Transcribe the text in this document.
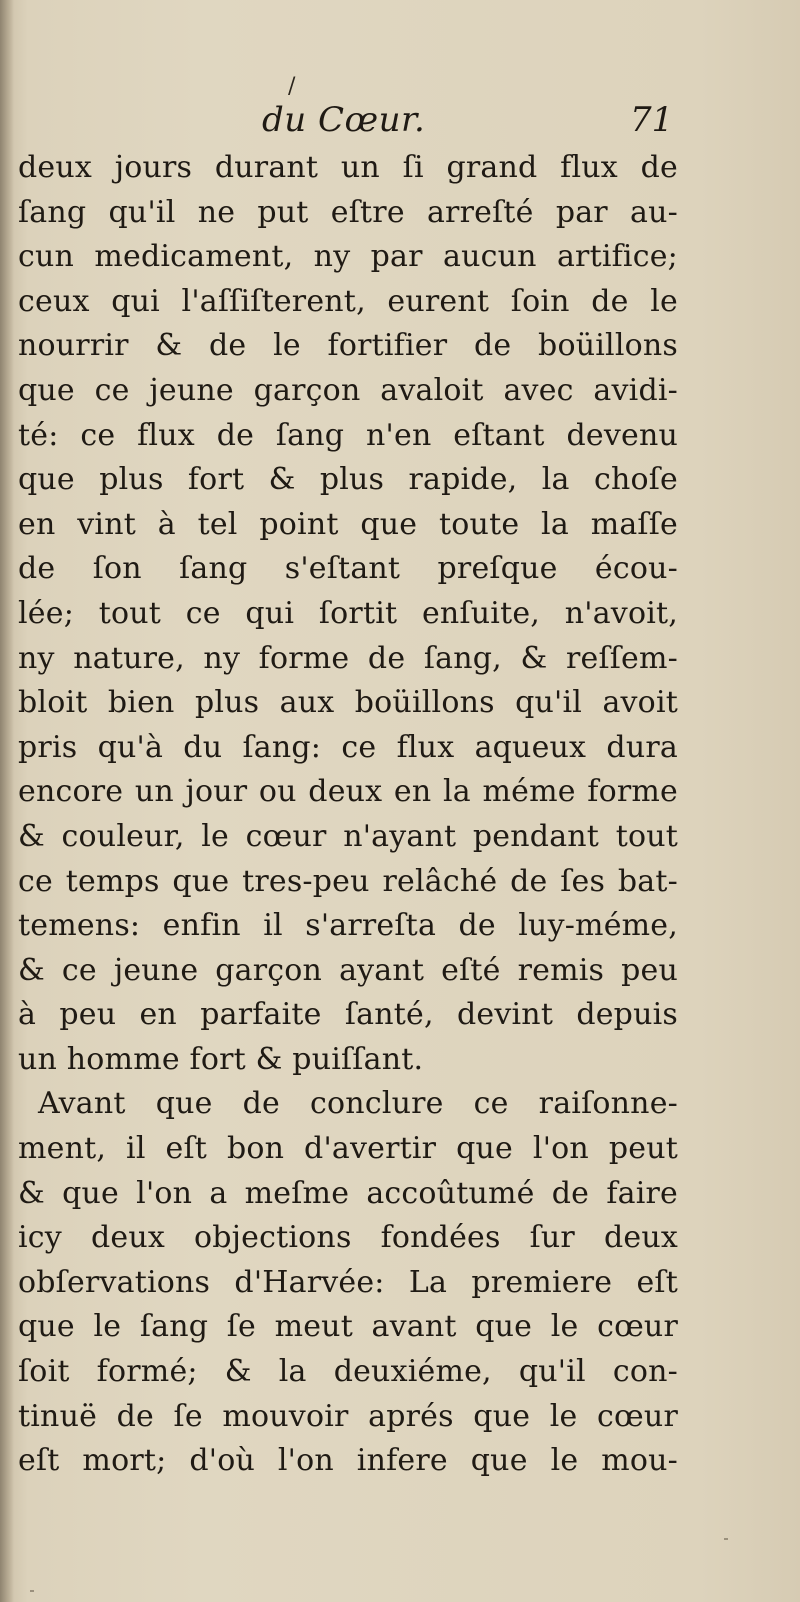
/
du Cœur.	71
deux jours durant un ſi grand flux de
ſang qu'il ne put eſtre arreſté par au-
cun medicament, ny par aucun artifice;
ceux qui l'aſſiſterent, eurent ſoin de le
nourrir & de le fortifier de boüillons
que ce jeune garçon avaloit avec avidi-
té: ce flux de ſang n'en eſtant devenu
que plus fort & plus rapide, la choſe
en vint à tel point que toute la maſſe
de ſon ſang s'eſtant preſque écou-
lée; tout ce qui ſortit enſuite, n'avoit,
ny nature, ny forme de ſang, & reſſem-
bloit bien plus aux boüillons qu'il avoit
pris qu'à du ſang: ce flux aqueux dura
encore un jour ou deux en la méme forme
& couleur, le cœur n'ayant pendant tout
ce temps que tres-peu relâché de ſes bat-
temens: enfin il s'arreſta de luy-méme,
& ce jeune garçon ayant eſté remis peu
à peu en parfaite ſanté, devint depuis
un homme fort & puiſſant.
Avant que de conclure ce raiſonne-
ment, il eſt bon d'avertir que l'on peut
& que l'on a meſme accoûtumé de faire
icy deux objections fondées ſur deux
obſervations d'Harvée: La premiere eſt
que le ſang ſe meut avant que le cœur
ſoit formé; & la deuxiéme, qu'il con-
tinuë de ſe mouvoir aprés que le cœur
eſt mort; d'où l'on infere que le mou-
